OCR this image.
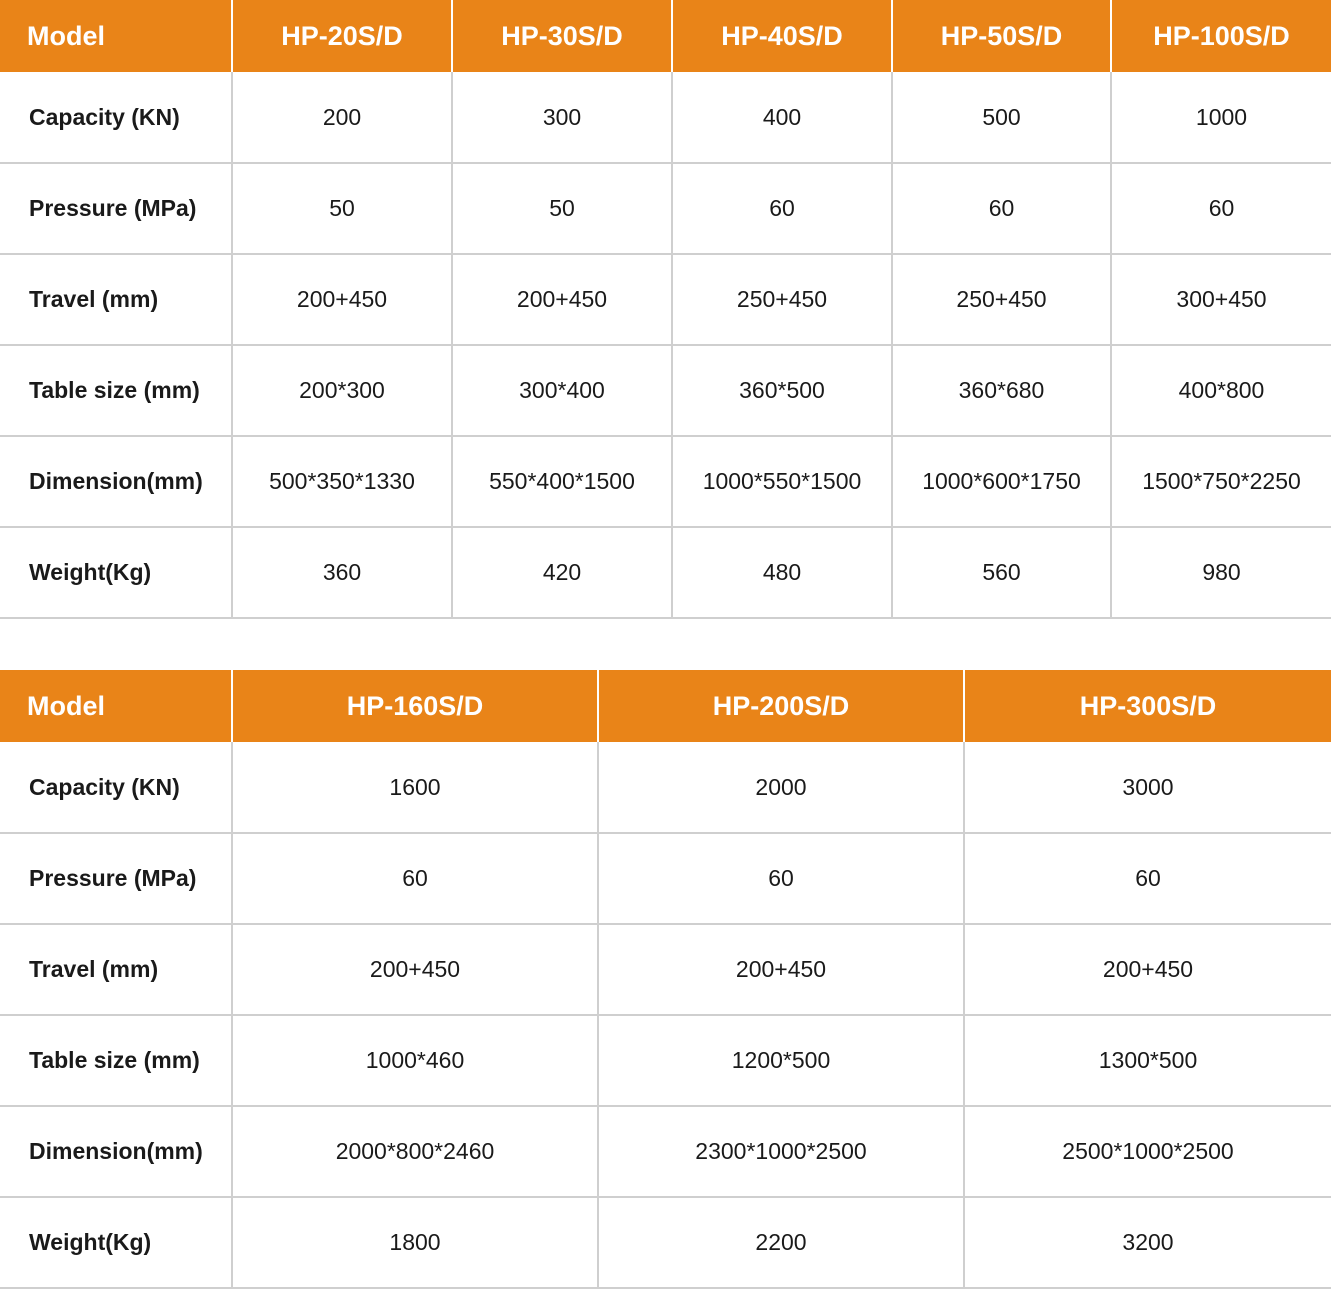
Model	HP-20S/D	HP-30S/D	HP-40S/D	HP-50S/D	HP-100S/D
Capacity (KN)	200	300	400	500	1000
Pressure (MPa)	50	50	60	60	60
Travel (mm)	200+450	200+450	250+450	250+450	300+450
Table size (mm)	200*300	300*400	360*500	360*680	400*800
Dimension(mm)	500*350*1330	550*400*1500	1000*550*1500	1000*600*1750	1500*750*2250
Weight(Kg)	360	420	480	560	980
Model	HP-160S/D	HP-200S/D	HP-300S/D
Capacity (KN)	1600	2000	3000
Pressure (MPa)	60	60	60
Travel (mm)	200+450	200+450	200+450
Table size (mm)	1000*460	1200*500	1300*500
Dimension(mm)	2000*800*2460	2300*1000*2500	2500*1000*2500
Weight(Kg)	1800	2200	3200
